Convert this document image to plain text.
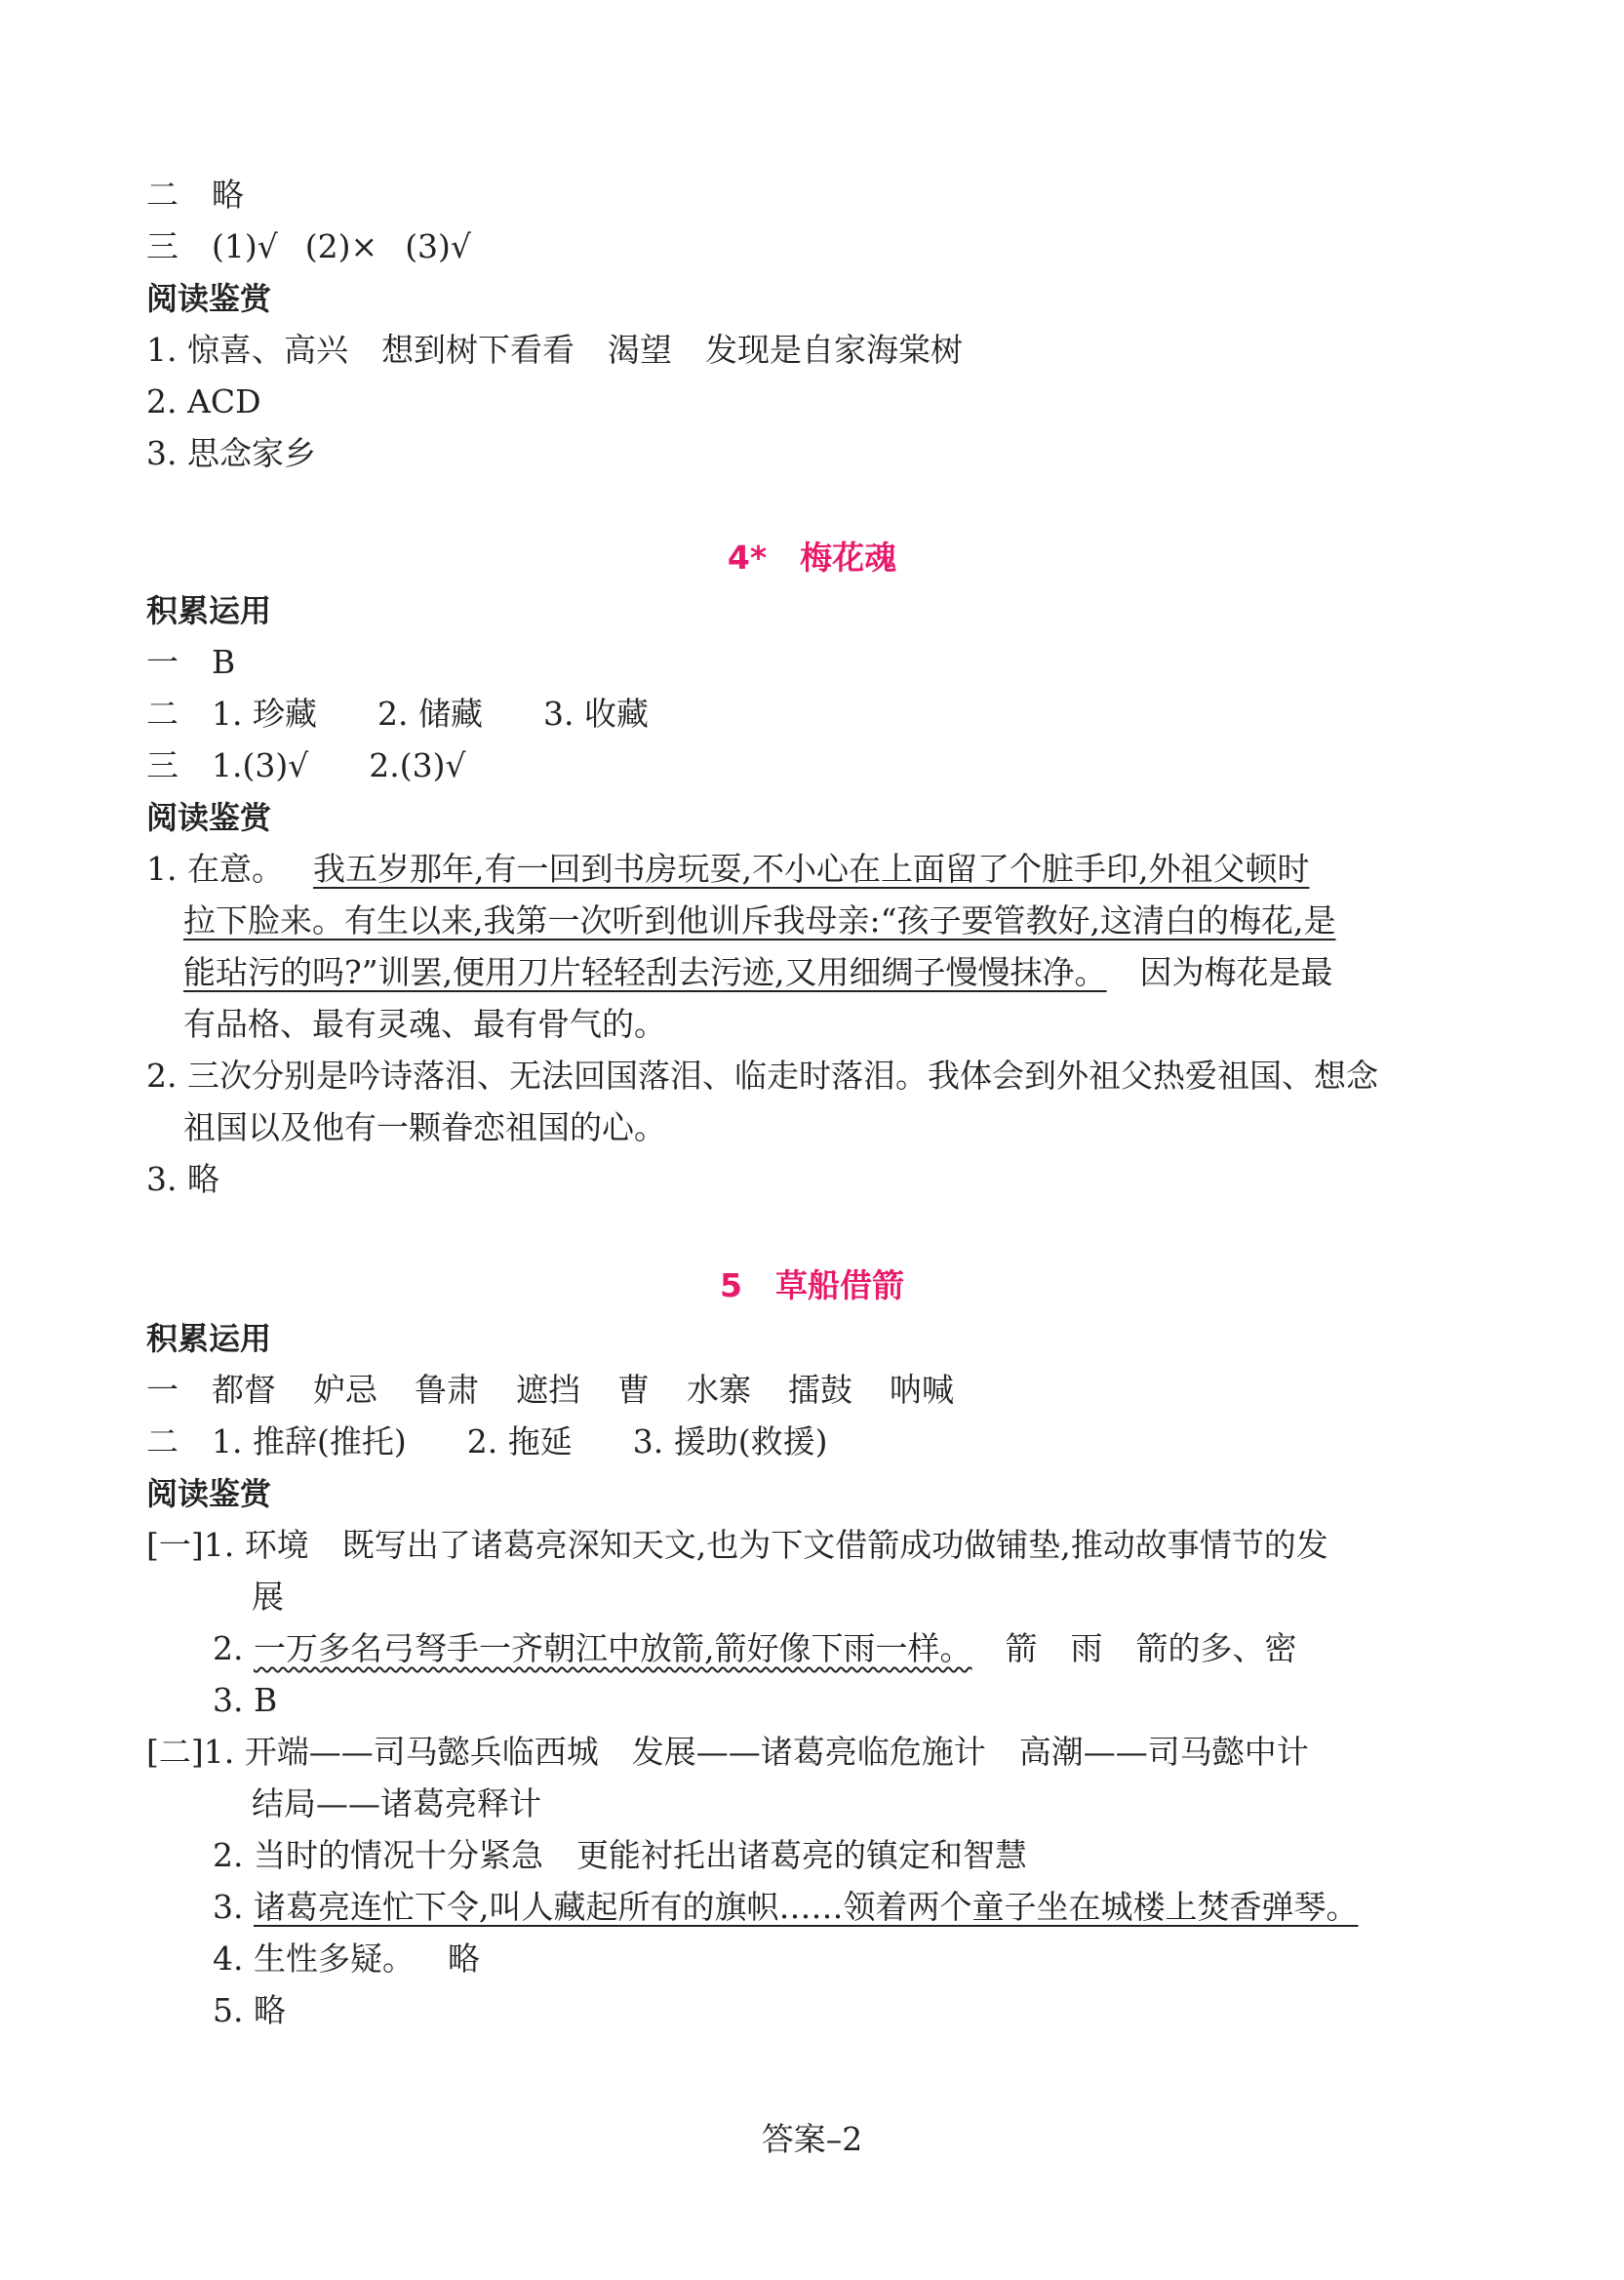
二 略
三 (1)√ (2)× (3)√
阅读鉴赏
1. 惊喜、高兴 想到树下看看 渴望 发现是自家海棠树
2. ACD
3. 思念家乡
4* 梅花魂
积累运用
一 B
二 1. 珍藏 2. 储藏 3. 收藏
三 1.(3)√ 2.(3)√
阅读鉴赏
1. 在意。 我五岁那年,有一回到书房玩耍,不小心在上面留了个脏手印,外祖父顿时
拉下脸来。有生以来,我第一次听到他训斥我母亲:“孩子要管教好,这清白的梅花,是
能玷污的吗?”训罢,便用刀片轻轻刮去污迹,又用细绸子慢慢抹净。 因为梅花是最
有品格、最有灵魂、最有骨气的。
2. 三次分别是吟诗落泪、无法回国落泪、临走时落泪。我体会到外祖父热爱祖国、想念
祖国以及他有一颗眷恋祖国的心。
3. 略
5 草船借箭
积累运用
一 都督 妒忌 鲁肃 遮挡 曹 水寨 擂鼓 呐喊
二 1. 推辞(推托) 2. 拖延 3. 援助(救援)
阅读鉴赏
[一]1. 环境 既写出了诸葛亮深知天文,也为下文借箭成功做铺垫,推动故事情节的发
展
2. 一万多名弓弩手一齐朝江中放箭,箭好像下雨一样。 箭 雨 箭的多、密
3. B
[二]1. 开端——司马懿兵临西城 发展——诸葛亮临危施计 高潮——司马懿中计
结局——诸葛亮释计
2. 当时的情况十分紧急 更能衬托出诸葛亮的镇定和智慧
3. 诸葛亮连忙下令,叫人藏起所有的旗帜……领着两个童子坐在城楼上焚香弹琴。
4. 生性多疑。 略
5. 略
答案–2
